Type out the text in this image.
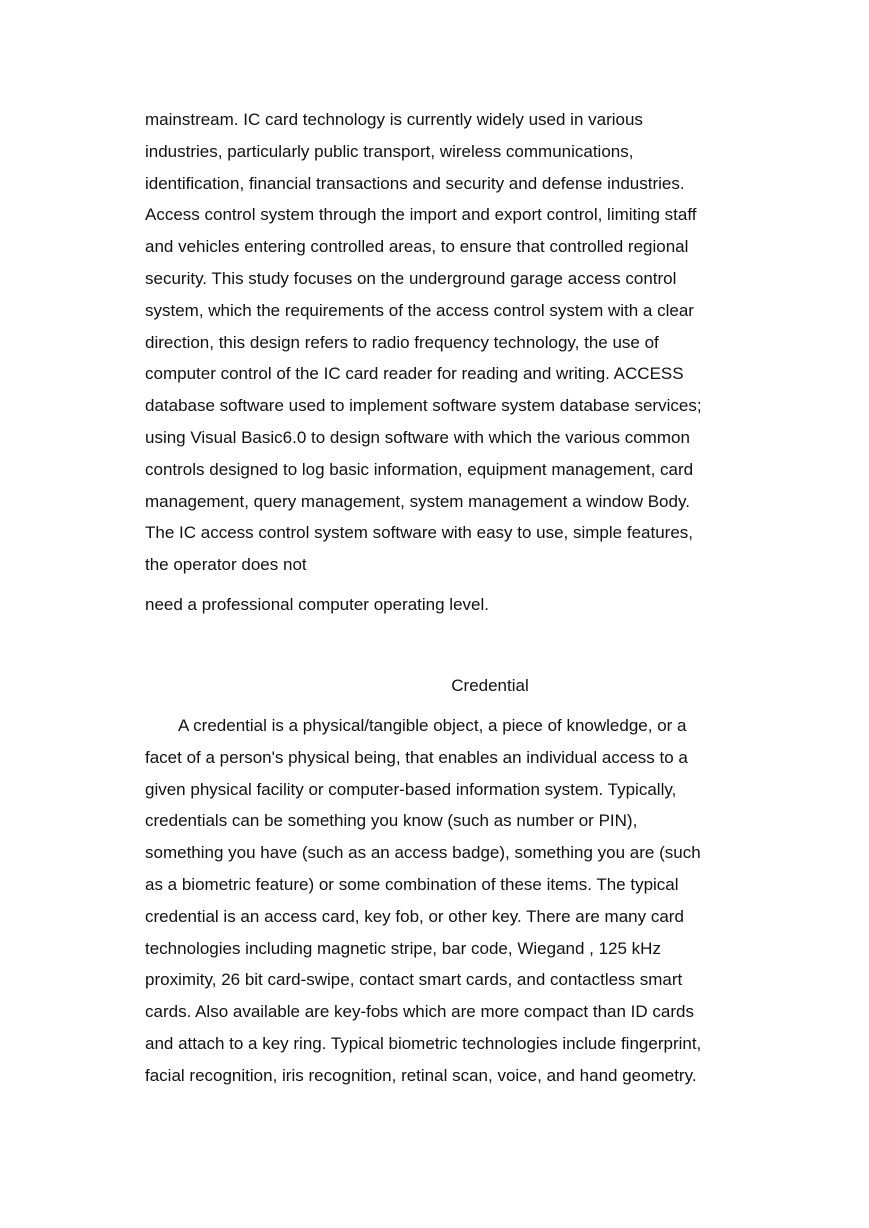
mainstream. IC card technology is currently widely used in various
industries, particularly public transport, wireless communications,
identification, financial transactions and security and defense industries.
Access control system through the import and export control, limiting staff
and vehicles entering controlled areas, to ensure that controlled regional
security. This study focuses on the underground garage access control
system, which the requirements of the access control system with a clear
direction, this design refers to radio frequency technology, the use of
computer control of the IC card reader for reading and writing. ACCESS
database software used to implement software system database services;
using Visual Basic6.0 to design software with which the various common
controls designed to log basic information, equipment management, card
management, query management, system management a window Body.
The IC access control system software with easy to use, simple features,
the operator does not
need a professional computer operating level.
Credential
A credential is a physical/tangible object, a piece of knowledge, or a
facet of a person's physical being, that enables an individual access to a
given physical facility or computer-based information system. Typically,
credentials can be something you know (such as number or PIN),
something you have (such as an access badge), something you are (such
as a biometric feature) or some combination of these items. The typical
credential is an access card, key fob, or other key. There are many card
technologies including magnetic stripe, bar code, Wiegand , 125 kHz
proximity, 26 bit card-swipe, contact smart cards, and contactless smart
cards. Also available are key-fobs which are more compact than ID cards
and attach to a key ring. Typical biometric technologies include fingerprint,
facial recognition, iris recognition, retinal scan, voice, and hand geometry.
